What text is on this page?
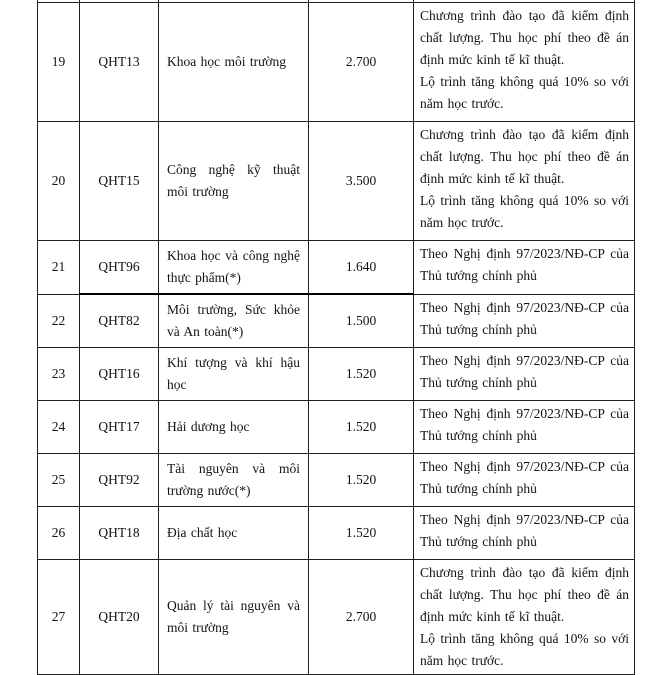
19	QHT13	Khoa học môi trường	2.700	Chương trình đào tạo đã kiểm định chất lượng. Thu học phí theo đề án định mức kinh tế kĩ thuật.
Lộ trình tăng không quá 10% so với năm học trước.

20	QHT15	Công nghệ kỹ thuật môi trường	3.500	Chương trình đào tạo đã kiểm định chất lượng. Thu học phí theo đề án định mức kinh tế kĩ thuật.
Lộ trình tăng không quá 10% so với năm học trước.

21	QHT96	Khoa học và công nghệ thực phẩm(*)	1.640	Theo Nghị định 97/2023/NĐ-CP của Thủ tướng chính phủ

22	QHT82	Môi trường, Sức khỏe và An toàn(*)	1.500	Theo Nghị định 97/2023/NĐ-CP của Thủ tướng chính phủ

23	QHT16	Khí tượng và khí hậu học	1.520	Theo Nghị định 97/2023/NĐ-CP của Thủ tướng chính phủ

24	QHT17	Hải dương học	1.520	Theo Nghị định 97/2023/NĐ-CP của Thủ tướng chính phủ

25	QHT92	Tài nguyên và môi trường nước(*)	1.520	Theo Nghị định 97/2023/NĐ-CP của Thủ tướng chính phủ

26	QHT18	Địa chất học	1.520	Theo Nghị định 97/2023/NĐ-CP của Thủ tướng chính phủ

27	QHT20	Quản lý tài nguyên và môi trường	2.700	Chương trình đào tạo đã kiểm định chất lượng. Thu học phí theo đề án định mức kinh tế kĩ thuật.
Lộ trình tăng không quá 10% so với năm học trước.
